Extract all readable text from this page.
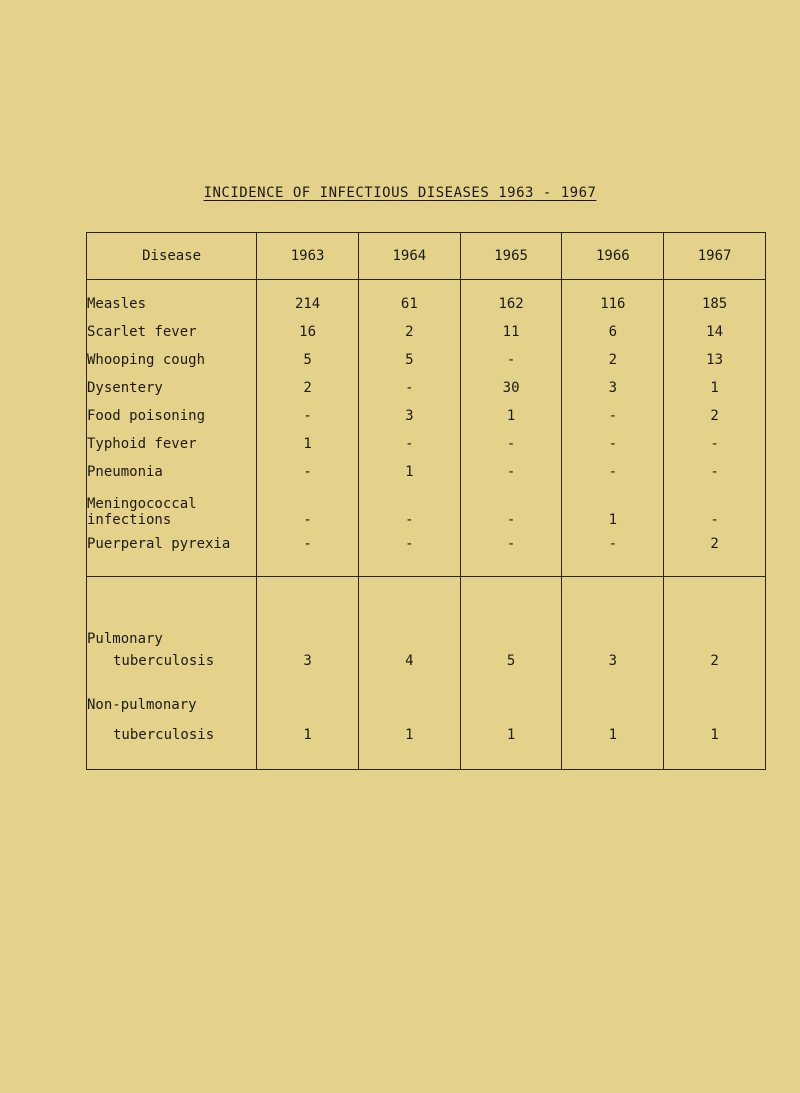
INCIDENCE OF INFECTIOUS DISEASES 1963 - 1967
Disease	1963	1964	1965	1966	1967
Measles	214	61	162	116	185
Scarlet fever	16	2	11	6	14
Whooping cough	5	5	-	2	13
Dysentery	2	-	30	3	1
Food poisoning	-	3	1	-	2
Typhoid fever	1	-	-	-	-
Pneumonia	-	1	-	-	-

Meningococcal
infections	-	-	-	1	-
Puerperal pyrexia	-	-	-	-	2

Pulmonary					
tuberculosis	3	4	5	3	2
Non-pulmonary					
tuberculosis	1	1	1	1	1
